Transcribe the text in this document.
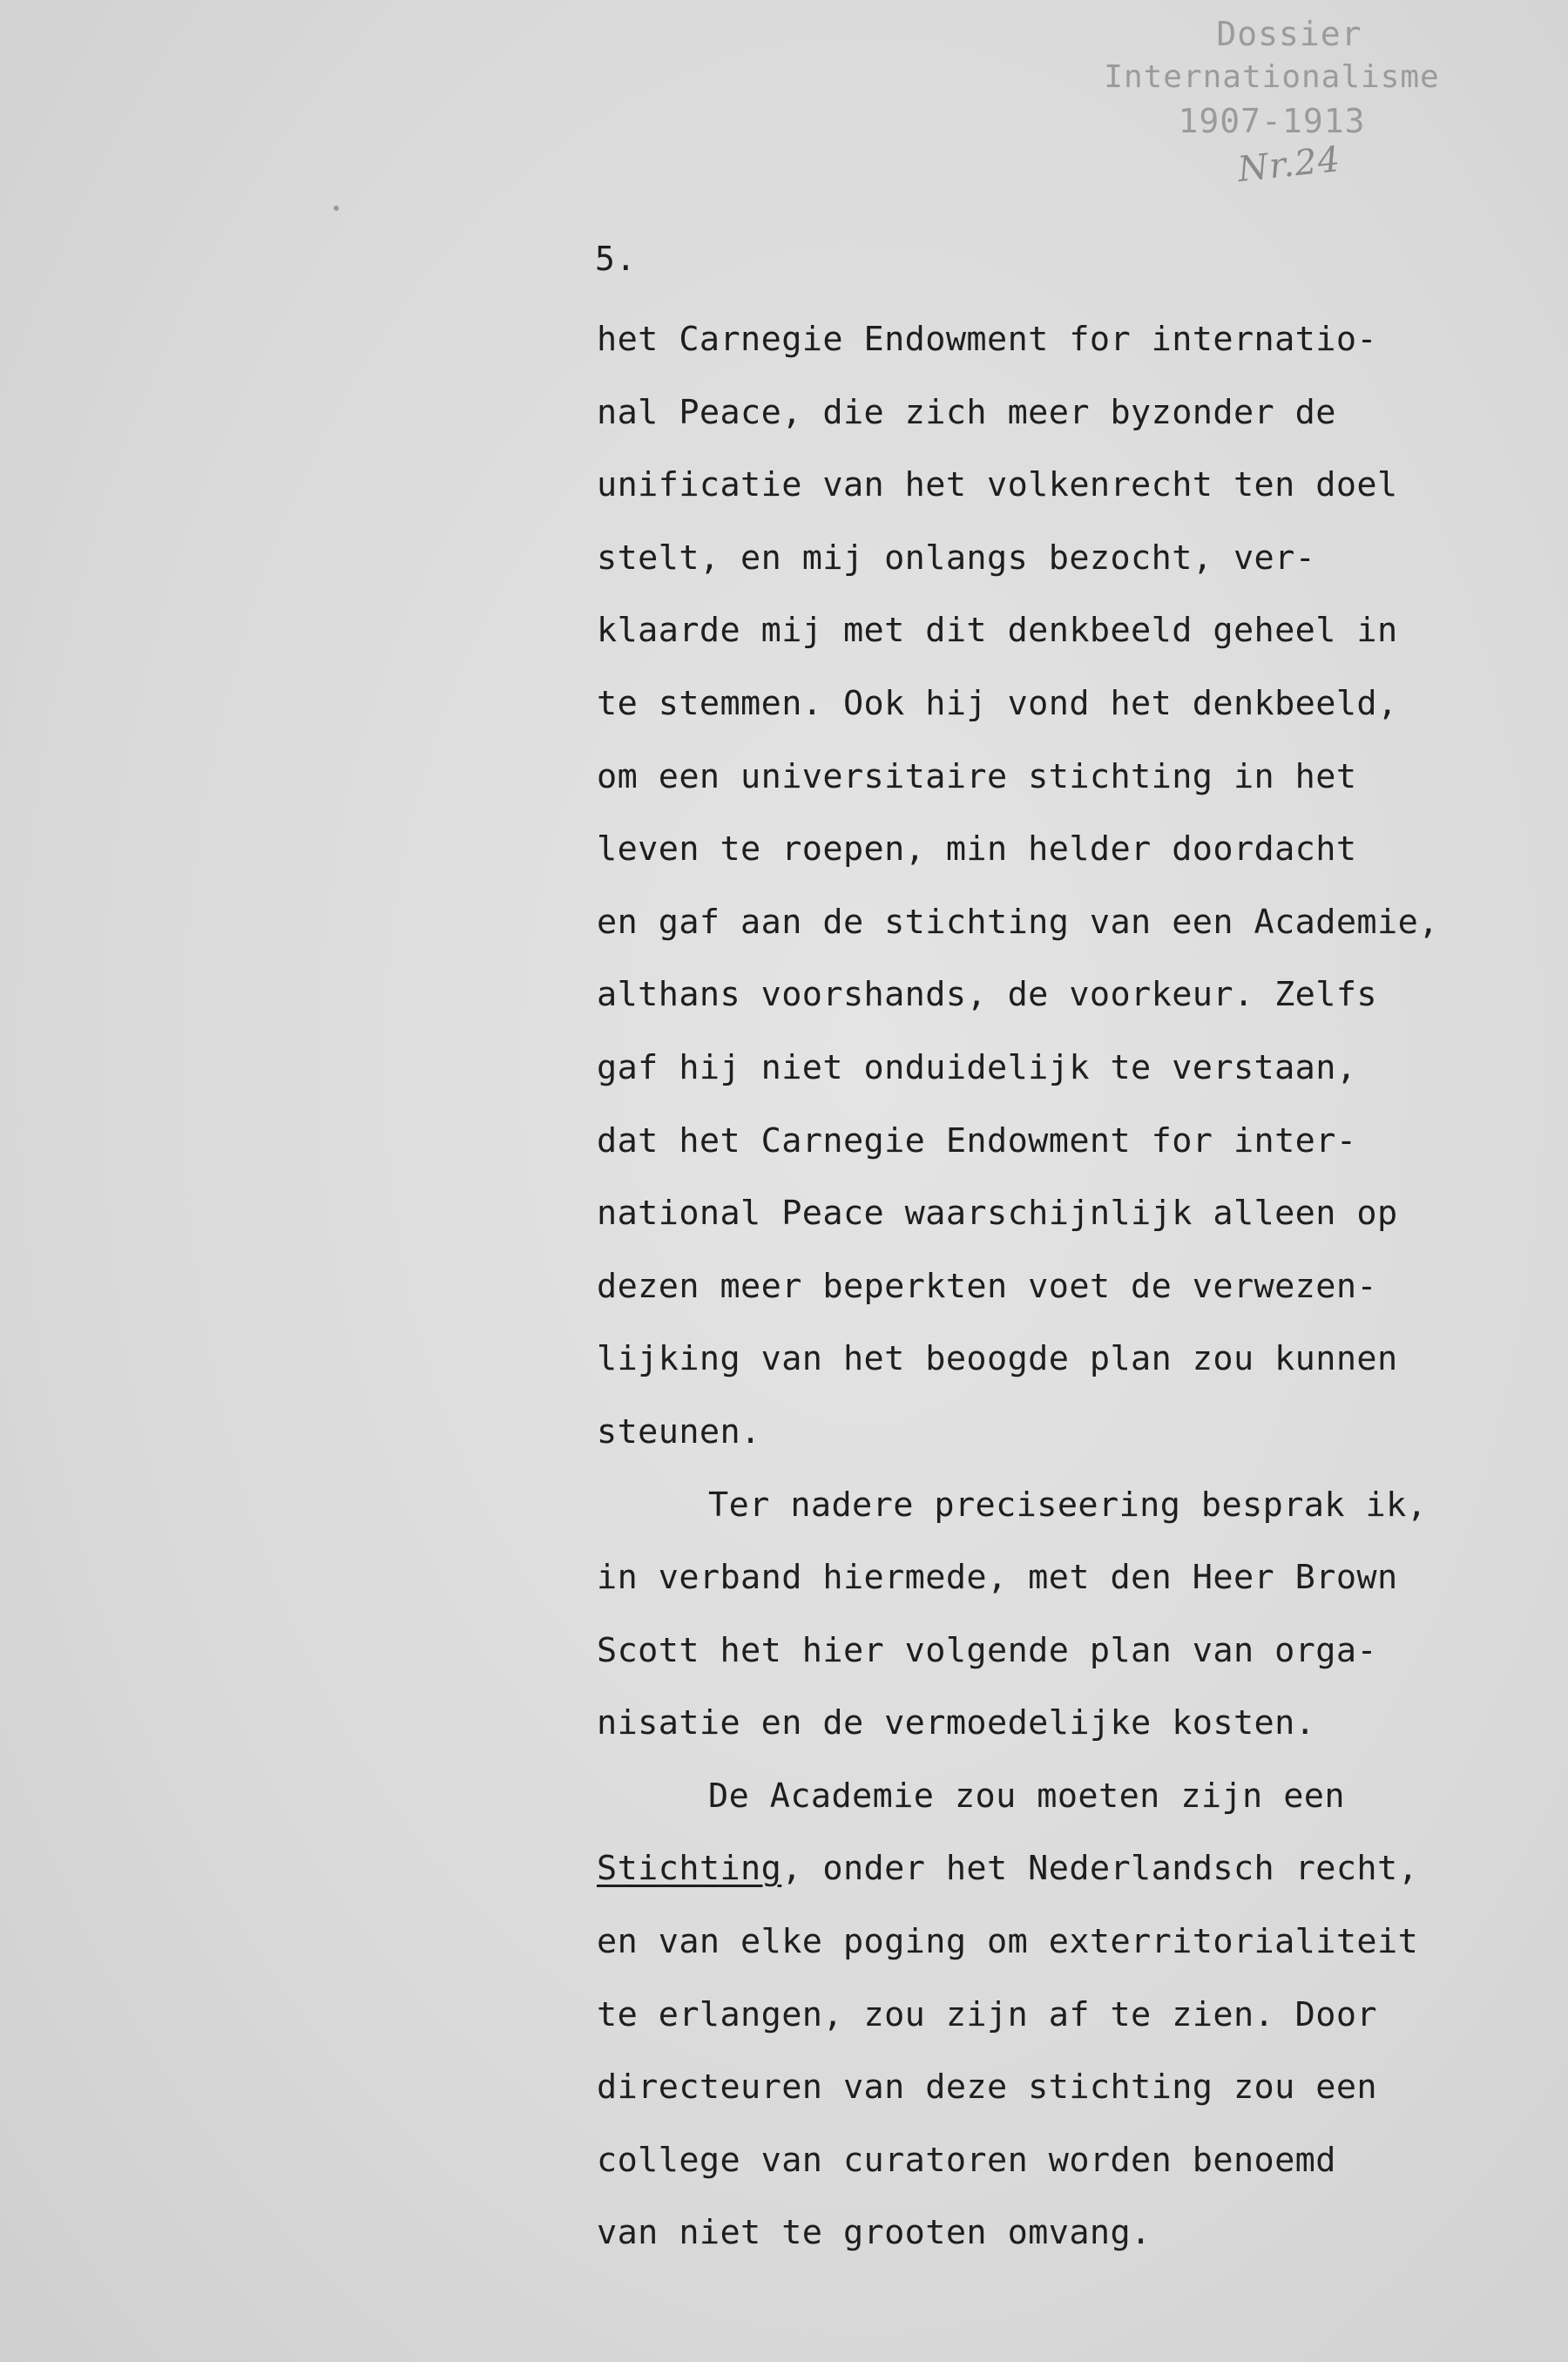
Dossier
Internationalisme
1907-1913
Nr.24
5.
het Carnegie Endowment for internatio-
nal Peace, die zich meer byzonder de
unificatie van het volkenrecht ten doel
stelt, en mij onlangs bezocht, ver-
klaarde mij met dit denkbeeld geheel in
te stemmen. Ook hij vond het denkbeeld,
om een universitaire stichting in het
leven te roepen, min helder doordacht
en gaf aan de stichting van een Academie,
althans voorshands, de voorkeur. Zelfs
gaf hij niet onduidelijk te verstaan,
dat het Carnegie Endowment for inter-
national Peace waarschijnlijk alleen op
dezen meer beperkten voet de verwezen-
lijking van het beoogde plan zou kunnen
steunen.
Ter nadere preciseering besprak ik,
in verband hiermede, met den Heer Brown
Scott het hier volgende plan van orga-
nisatie en de vermoedelijke kosten.
De Academie zou moeten zijn een
Stichting, onder het Nederlandsch recht,
en van elke poging om exterritorialiteit
te erlangen, zou zijn af te zien. Door
directeuren van deze stichting zou een
college van curatoren worden benoemd
van niet te grooten omvang.
